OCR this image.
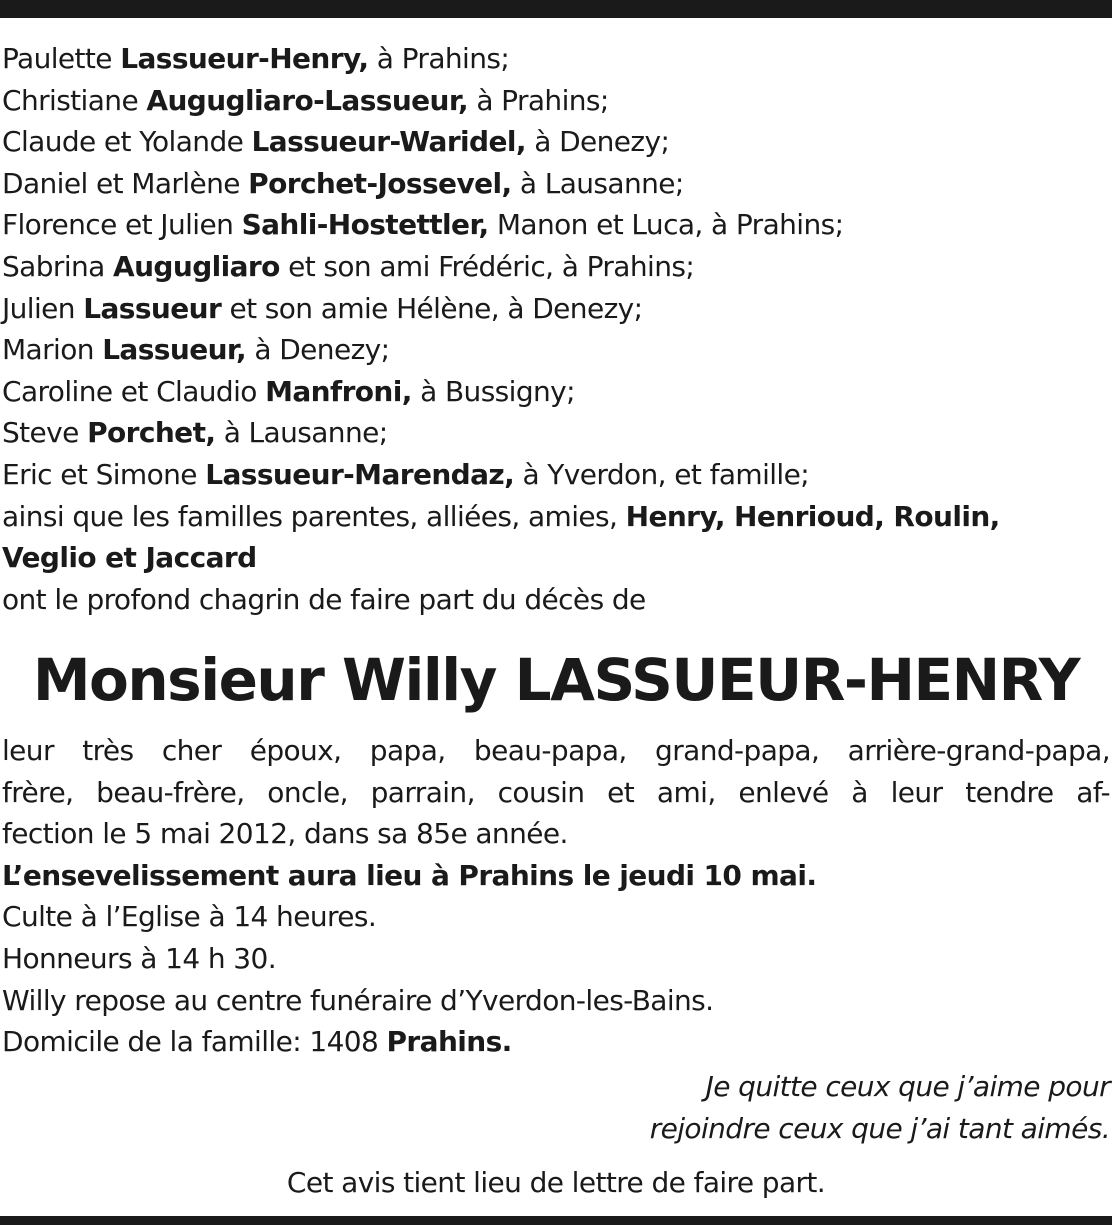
Paulette Lassueur-Henry, à Prahins;
Christiane Augugliaro-Lassueur, à Prahins;
Claude et Yolande Lassueur-Waridel, à Denezy;
Daniel et Marlène Porchet-Jossevel, à Lausanne;
Florence et Julien Sahli-Hostettler, Manon et Luca, à Prahins;
Sabrina Augugliaro et son ami Frédéric, à Prahins;
Julien Lassueur et son amie Hélène, à Denezy;
Marion Lassueur, à Denezy;
Caroline et Claudio Manfroni, à Bussigny;
Steve Porchet, à Lausanne;
Eric et Simone Lassueur-Marendaz, à Yverdon, et famille;
ainsi que les familles parentes, alliées, amies, Henry, Henrioud, Roulin,
Veglio et Jaccard
ont le profond chagrin de faire part du décès de
Monsieur Willy LASSUEUR-HENRY
leur très cher époux, papa, beau-papa, grand-papa, arrière-grand-papa,
frère, beau-frère, oncle, parrain, cousin et ami, enlevé à leur tendre af-
fection le 5 mai 2012, dans sa 85e année.
L’ensevelissement aura lieu à Prahins le jeudi 10 mai.
Culte à l’Eglise à 14 heures.
Honneurs à 14 h 30.
Willy repose au centre funéraire d’Yverdon-les-Bains.
Domicile de la famille: 1408 Prahins.
Je quitte ceux que j’aime pour
rejoindre ceux que j’ai tant aimés.
Cet avis tient lieu de lettre de faire part.
